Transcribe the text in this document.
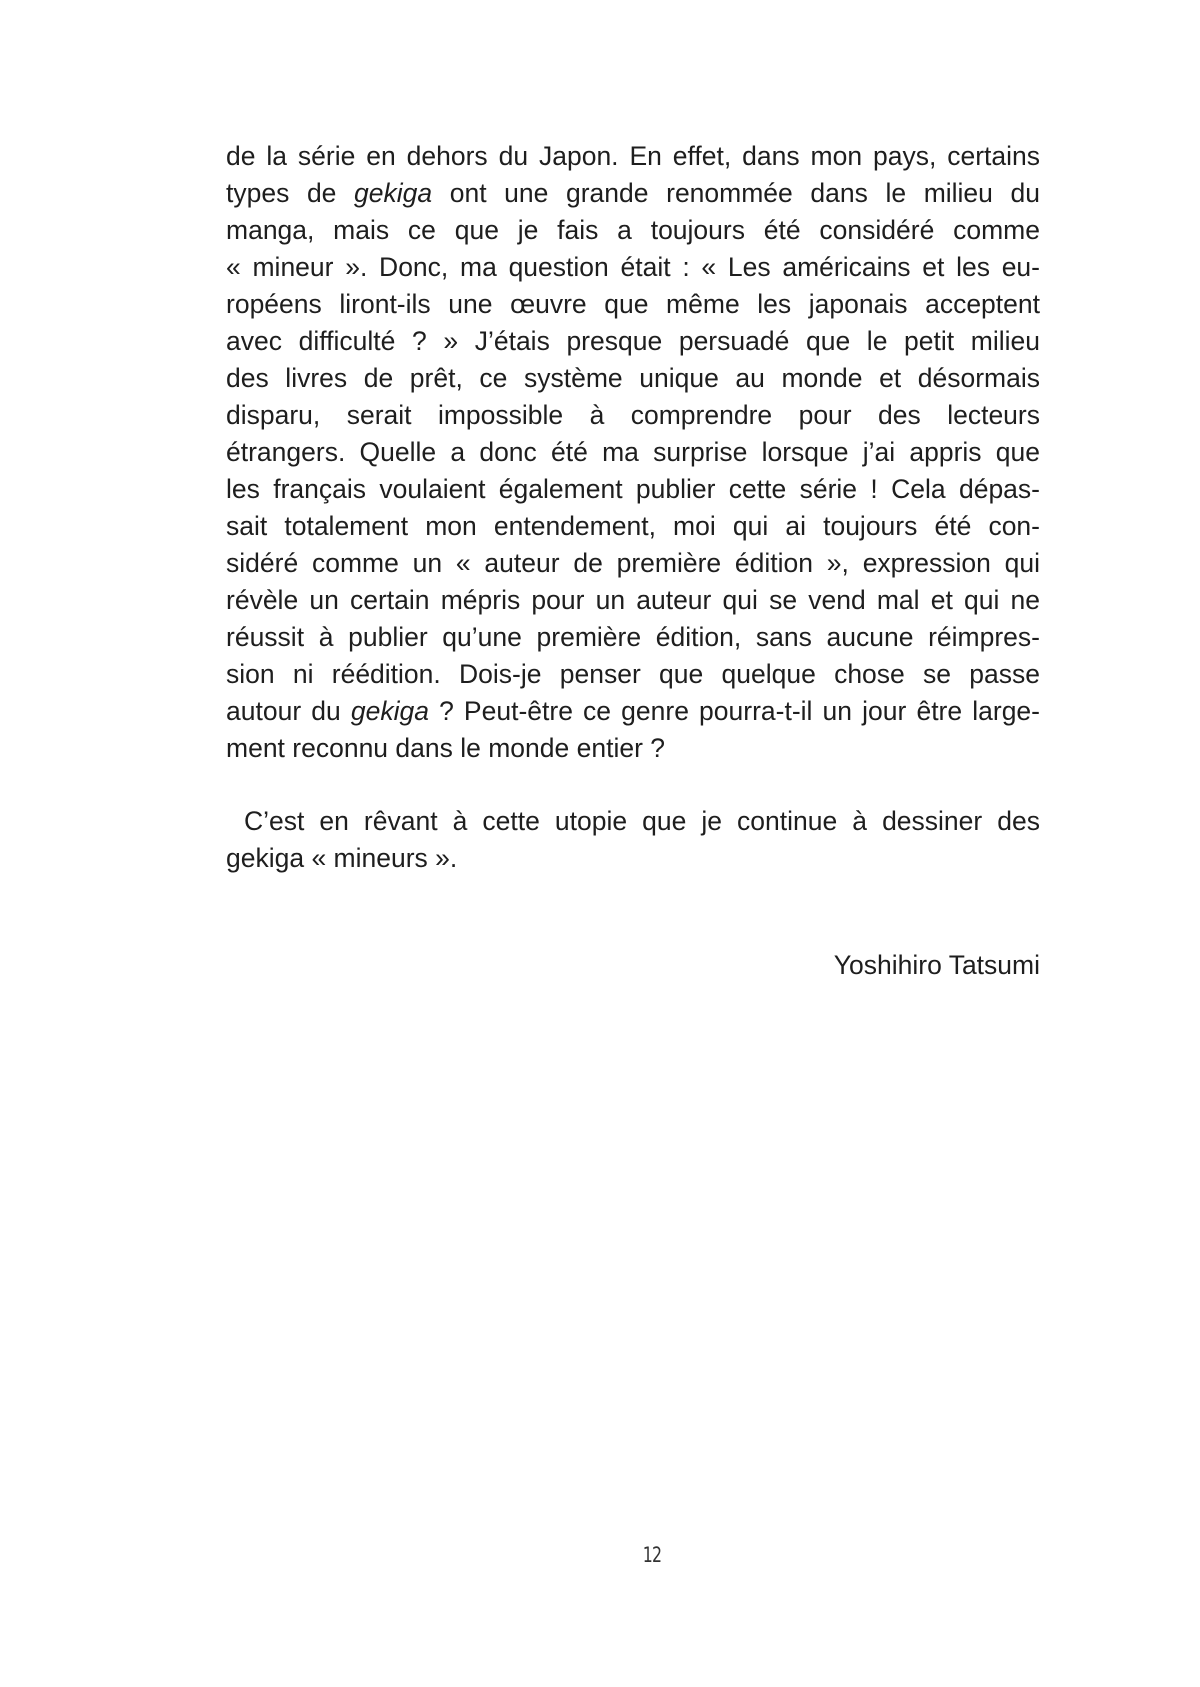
de la série en dehors du Japon. En effet, dans mon pays, certains
types de gekiga ont une grande renommée dans le milieu du
manga, mais ce que je fais a toujours été considéré comme
« mineur ». Donc, ma question était : « Les américains et les eu-
ropéens liront-ils une œuvre que même les japonais acceptent
avec difficulté ? » J’étais presque persuadé que le petit milieu
des livres de prêt, ce système unique au monde et désormais
disparu, serait impossible à comprendre pour des lecteurs
étrangers. Quelle a donc été ma surprise lorsque j’ai appris que
les français voulaient également publier cette série ! Cela dépas-
sait totalement mon entendement, moi qui ai toujours été con-
sidéré comme un « auteur de première édition », expression qui
révèle un certain mépris pour un auteur qui se vend mal et qui ne
réussit à publier qu’une première édition, sans aucune réimpres-
sion ni réédition. Dois-je penser que quelque chose se passe
autour du gekiga ? Peut-être ce genre pourra-t-il un jour être large-
ment reconnu dans le monde entier ?
C’est en rêvant à cette utopie que je continue à dessiner des
gekiga « mineurs ».
Yoshihiro Tatsumi
12
